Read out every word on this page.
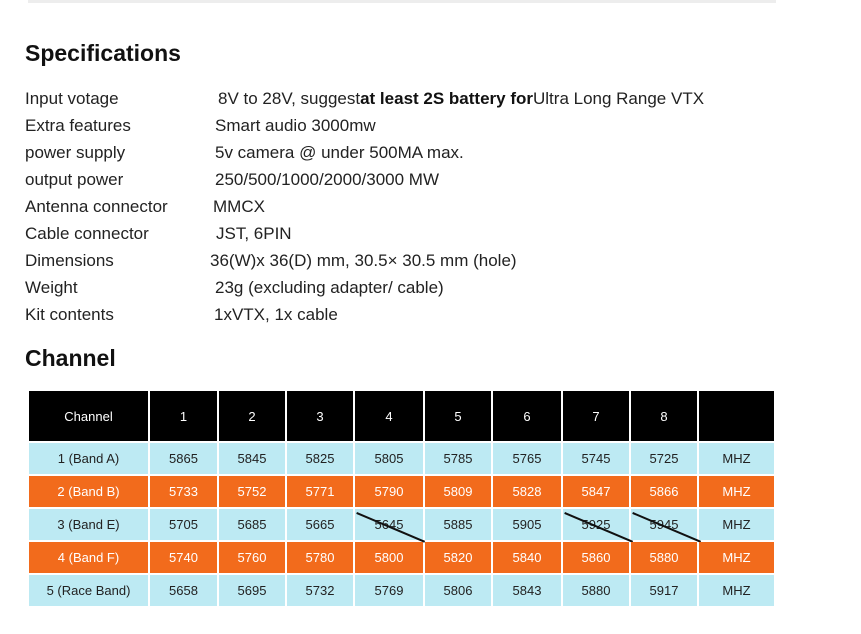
Specifications
Input votage	8V to 28V, suggestat least 2S battery forUltra Long Range VTX
Extra features	Smart audio 3000mw
power supply	5v camera @ under 500MA max.
output power	250/500/1000/2000/3000 MW
Antenna connector	MMCX
Cable connector	JST, 6PIN
Dimensions	36(W)x 36(D) mm, 30.5× 30.5 mm (hole)
Weight	23g (excluding adapter/ cable)
Kit contents	1xVTX, 1x cable
Channel
Channel	1	2	3	4	5	6	7	8	
1 (Band A)	5865	5845	5825	5805	5785	5765	5745	5725	MHZ
2 (Band B)	5733	5752	5771	5790	5809	5828	5847	5866	MHZ
3 (Band E)	5705	5685	5665	5645	5885	5905	5925	5945	MHZ
4 (Band F)	5740	5760	5780	5800	5820	5840	5860	5880	MHZ
5 (Race Band)	5658	5695	5732	5769	5806	5843	5880	5917	MHZ
